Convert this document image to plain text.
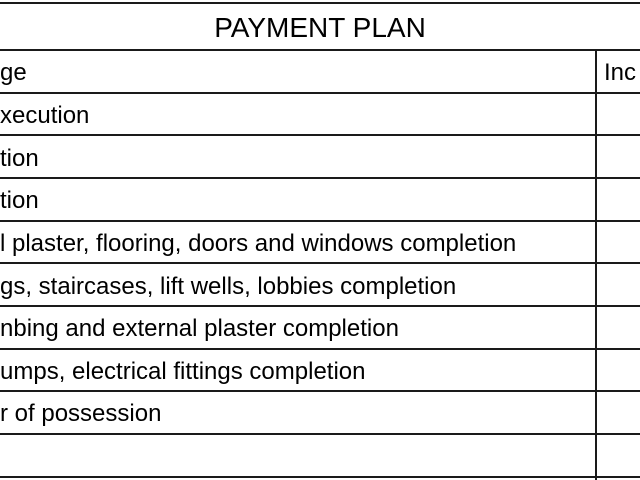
PAYMENT PLAN
ge	Inc
xecution
tion
tion
l plaster, flooring, doors and windows completion
gs, staircases, lift wells, lobbies completion
nbing and external plaster completion
umps, electrical fittings completion
r of possession
